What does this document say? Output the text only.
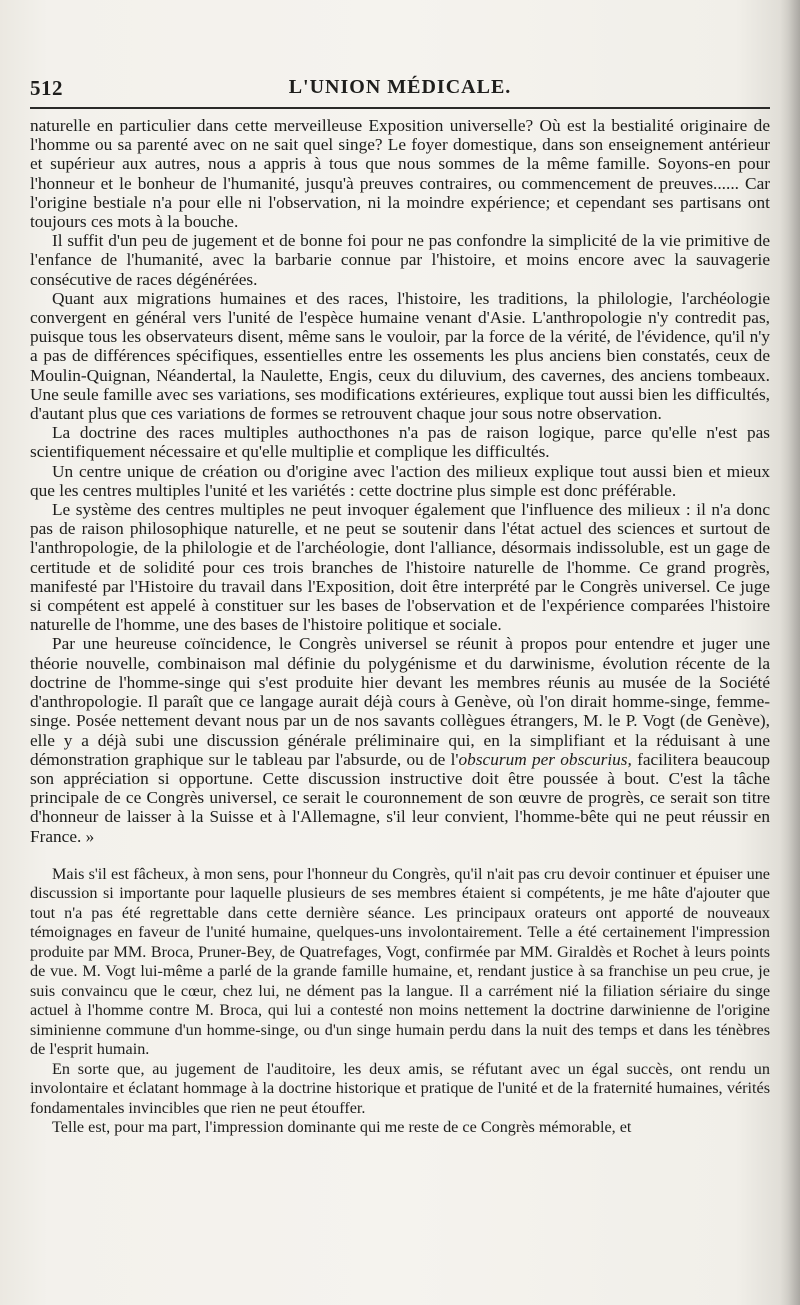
512	L'UNION MÉDICALE.

naturelle en particulier dans cette merveilleuse Exposition universelle? Où est la bestialité originaire de l'homme ou sa parenté avec on ne sait quel singe? Le foyer domestique, dans son enseignement antérieur et supérieur aux autres, nous a appris à tous que nous sommes de la même famille. Soyons-en pour l'honneur et le bonheur de l'humanité, jusqu'à preuves contraires, ou commencement de preuves...... Car l'origine bestiale n'a pour elle ni l'observation, ni la moindre expérience; et cependant ses partisans ont toujours ces mots à la bouche.

Il suffit d'un peu de jugement et de bonne foi pour ne pas confondre la simplicité de la vie primitive de l'enfance de l'humanité, avec la barbarie connue par l'histoire, et moins encore avec la sauvagerie consécutive de races dégénérées.

Quant aux migrations humaines et des races, l'histoire, les traditions, la philologie, l'archéologie convergent en général vers l'unité de l'espèce humaine venant d'Asie. L'anthropologie n'y contredit pas, puisque tous les observateurs disent, même sans le vouloir, par la force de la vérité, de l'évidence, qu'il n'y a pas de différences spécifiques, essentielles entre les ossements les plus anciens bien constatés, ceux de Moulin-Quignan, Néandertal, la Naulette, Engis, ceux du diluvium, des cavernes, des anciens tombeaux. Une seule famille avec ses variations, ses modifications extérieures, explique tout aussi bien les difficultés, d'autant plus que ces variations de formes se retrouvent chaque jour sous notre observation.

La doctrine des races multiples authocthones n'a pas de raison logique, parce qu'elle n'est pas scientifiquement nécessaire et qu'elle multiplie et complique les difficultés.

Un centre unique de création ou d'origine avec l'action des milieux explique tout aussi bien et mieux que les centres multiples l'unité et les variétés : cette doctrine plus simple est donc préférable.

Le système des centres multiples ne peut invoquer également que l'influence des milieux : il n'a donc pas de raison philosophique naturelle, et ne peut se soutenir dans l'état actuel des sciences et surtout de l'anthropologie, de la philologie et de l'archéologie, dont l'alliance, désormais indissoluble, est un gage de certitude et de solidité pour ces trois branches de l'histoire naturelle de l'homme. Ce grand progrès, manifesté par l'Histoire du travail dans l'Exposition, doit être interprété par le Congrès universel. Ce juge si compétent est appelé à constituer sur les bases de l'observation et de l'expérience comparées l'histoire naturelle de l'homme, une des bases de l'histoire politique et sociale.

Par une heureuse coïncidence, le Congrès universel se réunit à propos pour entendre et juger une théorie nouvelle, combinaison mal définie du polygénisme et du darwinisme, évolution récente de la doctrine de l'homme-singe qui s'est produite hier devant les membres réunis au musée de la Société d'anthropologie. Il paraît que ce langage aurait déjà cours à Genève, où l'on dirait homme-singe, femme-singe. Posée nettement devant nous par un de nos savants collègues étrangers, M. le P. Vogt (de Genève), elle y a déjà subi une discussion générale préliminaire qui, en la simplifiant et la réduisant à une démonstration graphique sur le tableau par l'absurde, ou de l'obscurum per obscurius, facilitera beaucoup son appréciation si opportune. Cette discussion instructive doit être poussée à bout. C'est la tâche principale de ce Congrès universel, ce serait le couronnement de son œuvre de progrès, ce serait son titre d'honneur de laisser à la Suisse et à l'Allemagne, s'il leur convient, l'homme-bête qui ne peut réussir en France. »

Mais s'il est fâcheux, à mon sens, pour l'honneur du Congrès, qu'il n'ait pas cru devoir continuer et épuiser une discussion si importante pour laquelle plusieurs de ses membres étaient si compétents, je me hâte d'ajouter que tout n'a pas été regrettable dans cette dernière séance. Les principaux orateurs ont apporté de nouveaux témoignages en faveur de l'unité humaine, quelques-uns involontairement. Telle a été certainement l'impression produite par MM. Broca, Pruner-Bey, de Quatrefages, Vogt, confirmée par MM. Giraldès et Rochet à leurs points de vue. M. Vogt lui-même a parlé de la grande famille humaine, et, rendant justice à sa franchise un peu crue, je suis convaincu que le cœur, chez lui, ne dément pas la langue. Il a carrément nié la filiation sériaire du singe actuel à l'homme contre M. Broca, qui lui a contesté non moins nettement la doctrine darwinienne de l'origine siminienne commune d'un homme-singe, ou d'un singe humain perdu dans la nuit des temps et dans les ténèbres de l'esprit humain.

En sorte que, au jugement de l'auditoire, les deux amis, se réfutant avec un égal succès, ont rendu un involontaire et éclatant hommage à la doctrine historique et pratique de l'unité et de la fraternité humaines, vérités fondamentales invincibles que rien ne peut étouffer.

Telle est, pour ma part, l'impression dominante qui me reste de ce Congrès mémorable, et
